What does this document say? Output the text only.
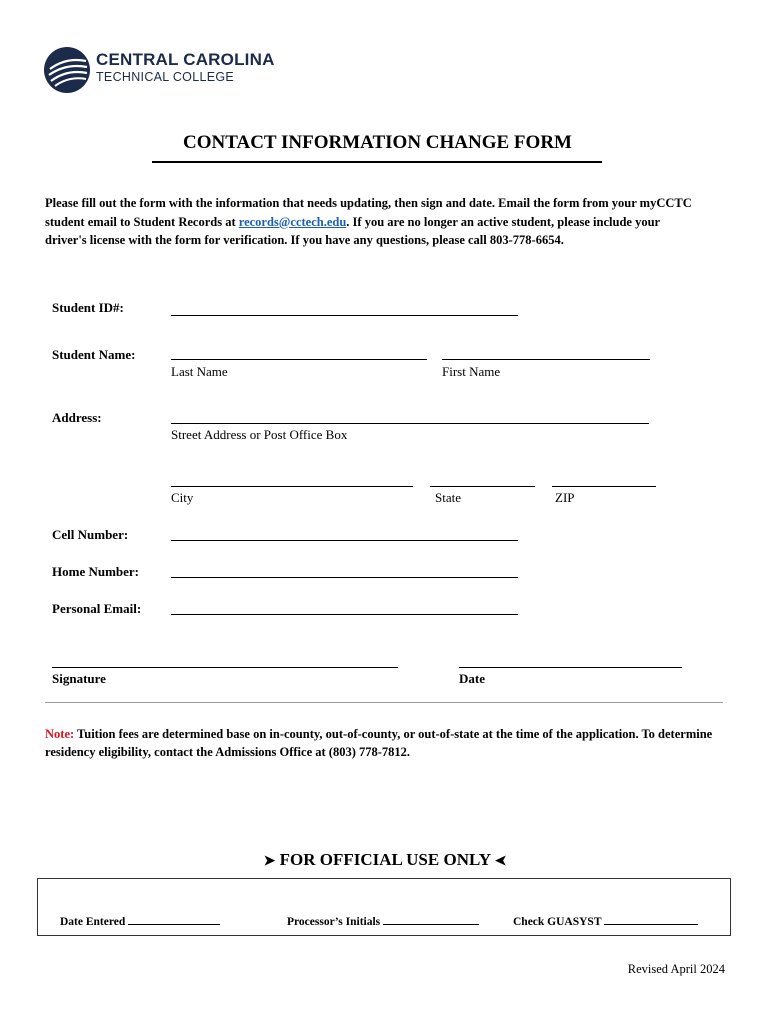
CENTRAL CAROLINA
TECHNICAL COLLEGE
CONTACT INFORMATION CHANGE FORM
Please fill out the form with the information that needs updating, then sign and date. Email the form from your myCCTC student email to Student Records at records@cctech.edu. If you are no longer an active student, please include your driver's license with the form for verification. If you have any questions, please call 803-778-6654.
Student ID#:
Student Name:
Last Name	First Name
Address:
Street Address or Post Office Box
City	State	ZIP
Cell Number:
Home Number:
Personal Email:
Signature	Date
Note: Tuition fees are determined base on in-county, out-of-county, or out-of-state at the time of the application. To determine residency eligibility, contact the Admissions Office at (803) 778-7812.
➤ FOR OFFICIAL USE ONLY ➤
Date Entered	Processor’s Initials	Check GUASYST
Revised April 2024
